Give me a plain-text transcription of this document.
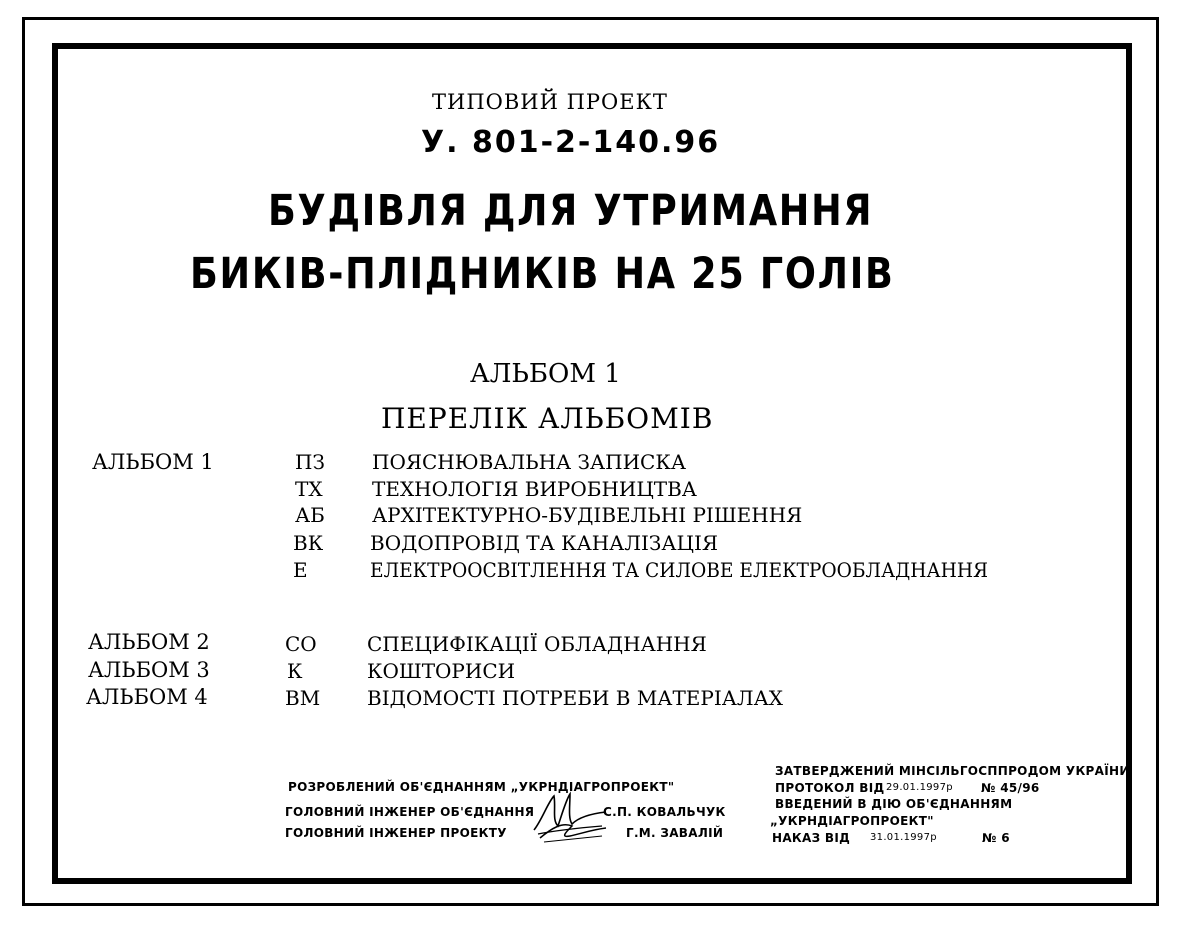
ТИПОВИЙ ПРОЕКТ
У. 801-2-140.96
БУДІВЛЯ ДЛЯ УТРИМАННЯ
БИКІВ-ПЛІДНИКІВ НА 25 ГОЛІВ
АЛЬБОМ 1
ПЕРЕЛІК АЛЬБОМІВ
АЛЬБОМ 1	ПЗ ПОЯСНЮВАЛЬНА ЗАПИСКА
ТХ ТЕХНОЛОГІЯ ВИРОБНИЦТВА
АБ АРХІТЕКТУРНО-БУДІВЕЛЬНІ РІШЕННЯ
ВК ВОДОПРОВІД ТА КАНАЛІЗАЦІЯ
Е	ЕЛЕКТРООСВІТЛЕННЯ ТА СИЛОВЕ ЕЛЕКТРООБЛАДНАННЯ
АЛЬБОМ 2	СО	СПЕЦИФІКАЦІЇ ОБЛАДНАННЯ
АЛЬБОМ 3	К	КОШТОРИСИ
АЛЬБОМ 4	ВМ ВІДОМОСТІ ПОТРЕБИ В МАТЕРІАЛАХ
РОЗРОБЛЕНИЙ ОБ'ЄДНАННЯМ „УКРНДІАГРОПРОЕКТ"
ГОЛОВНИЙ ІНЖЕНЕР ОБ'ЄДНАННЯ	С.П. КОВАЛЬЧУК
ГОЛОВНИЙ ІНЖЕНЕР ПРОЕКТУ	Г.М. ЗАВАЛІЙ
ЗАТВЕРДЖЕНИЙ МІНСІЛЬГОСППРОДОМ УКРАЇНИ
ПРОТОКОЛ ВІД 29.01.1997р № 45/96
ВВЕДЕНИЙ В ДІЮ ОБ'ЄДНАННЯМ
„УКРНДІАГРОПРОЕКТ"
НАКАЗ ВІД 31.01.1997р	№ 6
